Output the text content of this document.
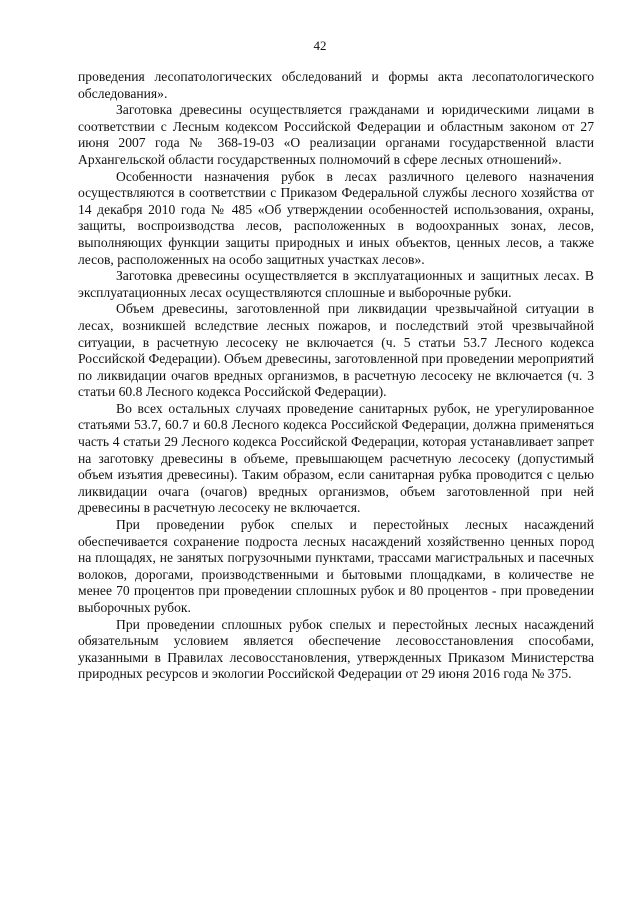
42

проведения лесопатологических обследований и формы акта лесопатологического обследования».

Заготовка древесины осуществляется гражданами и юридическими лицами в соответствии с Лесным кодексом Российской Федерации и областным законом от 27 июня 2007 года № 368-19-03 «О реализации органами государственной власти Архангельской области государственных полномочий в сфере лесных отношений».

Особенности назначения рубок в лесах различного целевого назначения осуществляются в соответствии с Приказом Федеральной службы лесного хозяйства от 14 декабря 2010 года № 485 «Об утверждении особенностей использования, охраны, защиты, воспроизводства лесов, расположенных в водоохранных зонах, лесов, выполняющих функции защиты природных и иных объектов, ценных лесов, а также лесов, расположенных на особо защитных участках лесов».

Заготовка древесины осуществляется в эксплуатационных и защитных лесах. В эксплуатационных лесах осуществляются сплошные и выборочные рубки.

Объем древесины, заготовленной при ликвидации чрезвычайной ситуации в лесах, возникшей вследствие лесных пожаров, и последствий этой чрезвычайной ситуации, в расчетную лесосеку не включается (ч. 5 статьи 53.7 Лесного кодекса Российской Федерации). Объем древесины, заготовленной при проведении мероприятий по ликвидации очагов вредных организмов, в расчетную лесосеку не включается (ч. 3 статьи 60.8 Лесного кодекса Российской Федерации).

Во всех остальных случаях проведение санитарных рубок, не урегулированное статьями 53.7, 60.7 и 60.8 Лесного кодекса Российской Федерации, должна применяться часть 4 статьи 29 Лесного кодекса Российской Федерации, которая устанавливает запрет на заготовку древесины в объеме, превышающем расчетную лесосеку (допустимый объем изъятия древесины). Таким образом, если санитарная рубка проводится с целью ликвидации очага (очагов) вредных организмов, объем заготовленной при ней древесины в расчетную лесосеку не включается.

При проведении рубок спелых и перестойных лесных насаждений обеспечивается сохранение подроста лесных насаждений хозяйственно ценных пород на площадях, не занятых погрузочными пунктами, трассами магистральных и пасечных волоков, дорогами, производственными и бытовыми площадками, в количестве не менее 70 процентов при проведении сплошных рубок и 80 процентов - при проведении выборочных рубок.

При проведении сплошных рубок спелых и перестойных лесных насаждений обязательным условием является обеспечение лесовосстановления способами, указанными в Правилах лесовосстановления, утвержденных Приказом Министерства природных ресурсов и экологии Российской Федерации от 29 июня 2016 года № 375.
